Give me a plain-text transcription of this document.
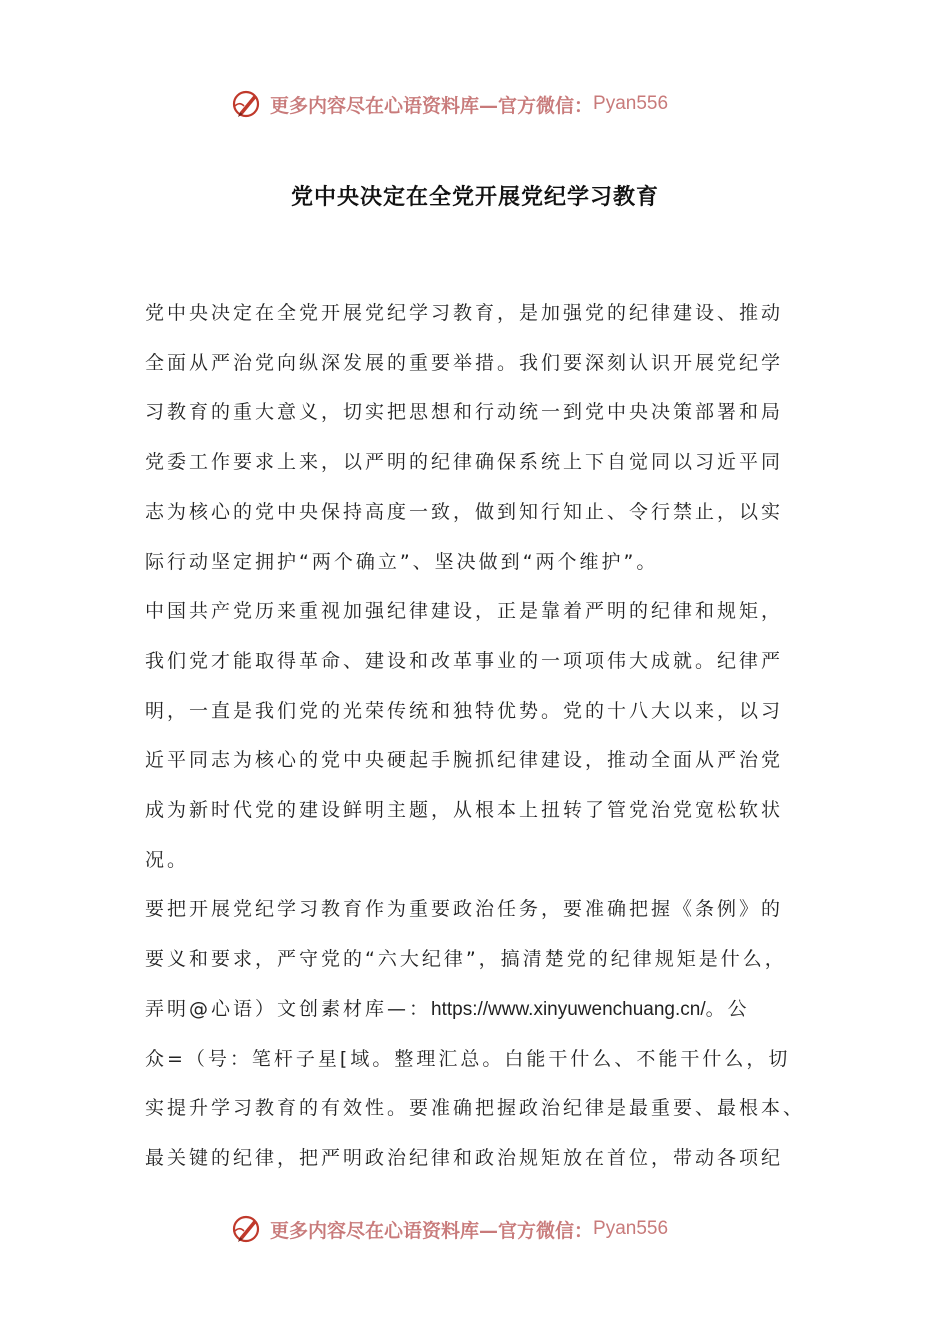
更多内容尽在心语资料库—官方微信： Pyan556
党中央决定在全党开展党纪学习教育

党中央决定在全党开展党纪学习教育，是加强党的纪律建设、推动
全面从严治党向纵深发展的重要举措。我们要深刻认识开展党纪学
习教育的重大意义，切实把思想和行动统一到党中央决策部署和局
党委工作要求上来，以严明的纪律确保系统上下自觉同以习近平同
志为核心的党中央保持高度一致，做到知行知止、令行禁止，以实
际行动坚定拥护“两个确立”、坚决做到“两个维护”。

中国共产党历来重视加强纪律建设，正是靠着严明的纪律和规矩，
我们党才能取得革命、建设和改革事业的一项项伟大成就。纪律严
明，一直是我们党的光荣传统和独特优势。党的十八大以来，以习
近平同志为核心的党中央硬起手腕抓纪律建设，推动全面从严治党
成为新时代党的建设鲜明主题，从根本上扭转了管党治党宽松软状
况。

要把开展党纪学习教育作为重要政治任务，要准确把握《条例》的
要义和要求，严守党的“六大纪律”，搞清楚党的纪律规矩是什么，
弄明@心语）文创素材库—：https://www.xinyuwenchuang.cn/。公
众=（号：笔杆子星[域。整理汇总。白能干什么、不能干什么，切
实提升学习教育的有效性。要准确把握政治纪律是最重要、最根本、
最关键的纪律，把严明政治纪律和政治规矩放在首位，带动各项纪

更多内容尽在心语资料库—官方微信： Pyan556
